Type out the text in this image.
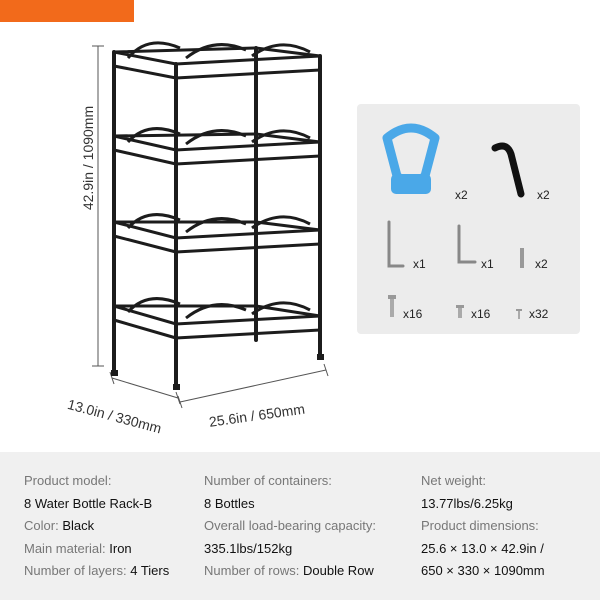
42.9in / 1090mm
13.0in / 330mm	25.6in / 650mm
x2	x2
x1	x1	x2
x16	x16	x32
Product model:
8 Water Bottle Rack-B
Color: Black
Main material: Iron
Number of layers: 4 Tiers
Number of containers:
8 Bottles
Overall load-bearing capacity:
335.1lbs/152kg
Number of rows: Double Row
Net weight:
13.77lbs/6.25kg
Product dimensions:
25.6 × 13.0 × 42.9in /
650 × 330 × 1090mm
